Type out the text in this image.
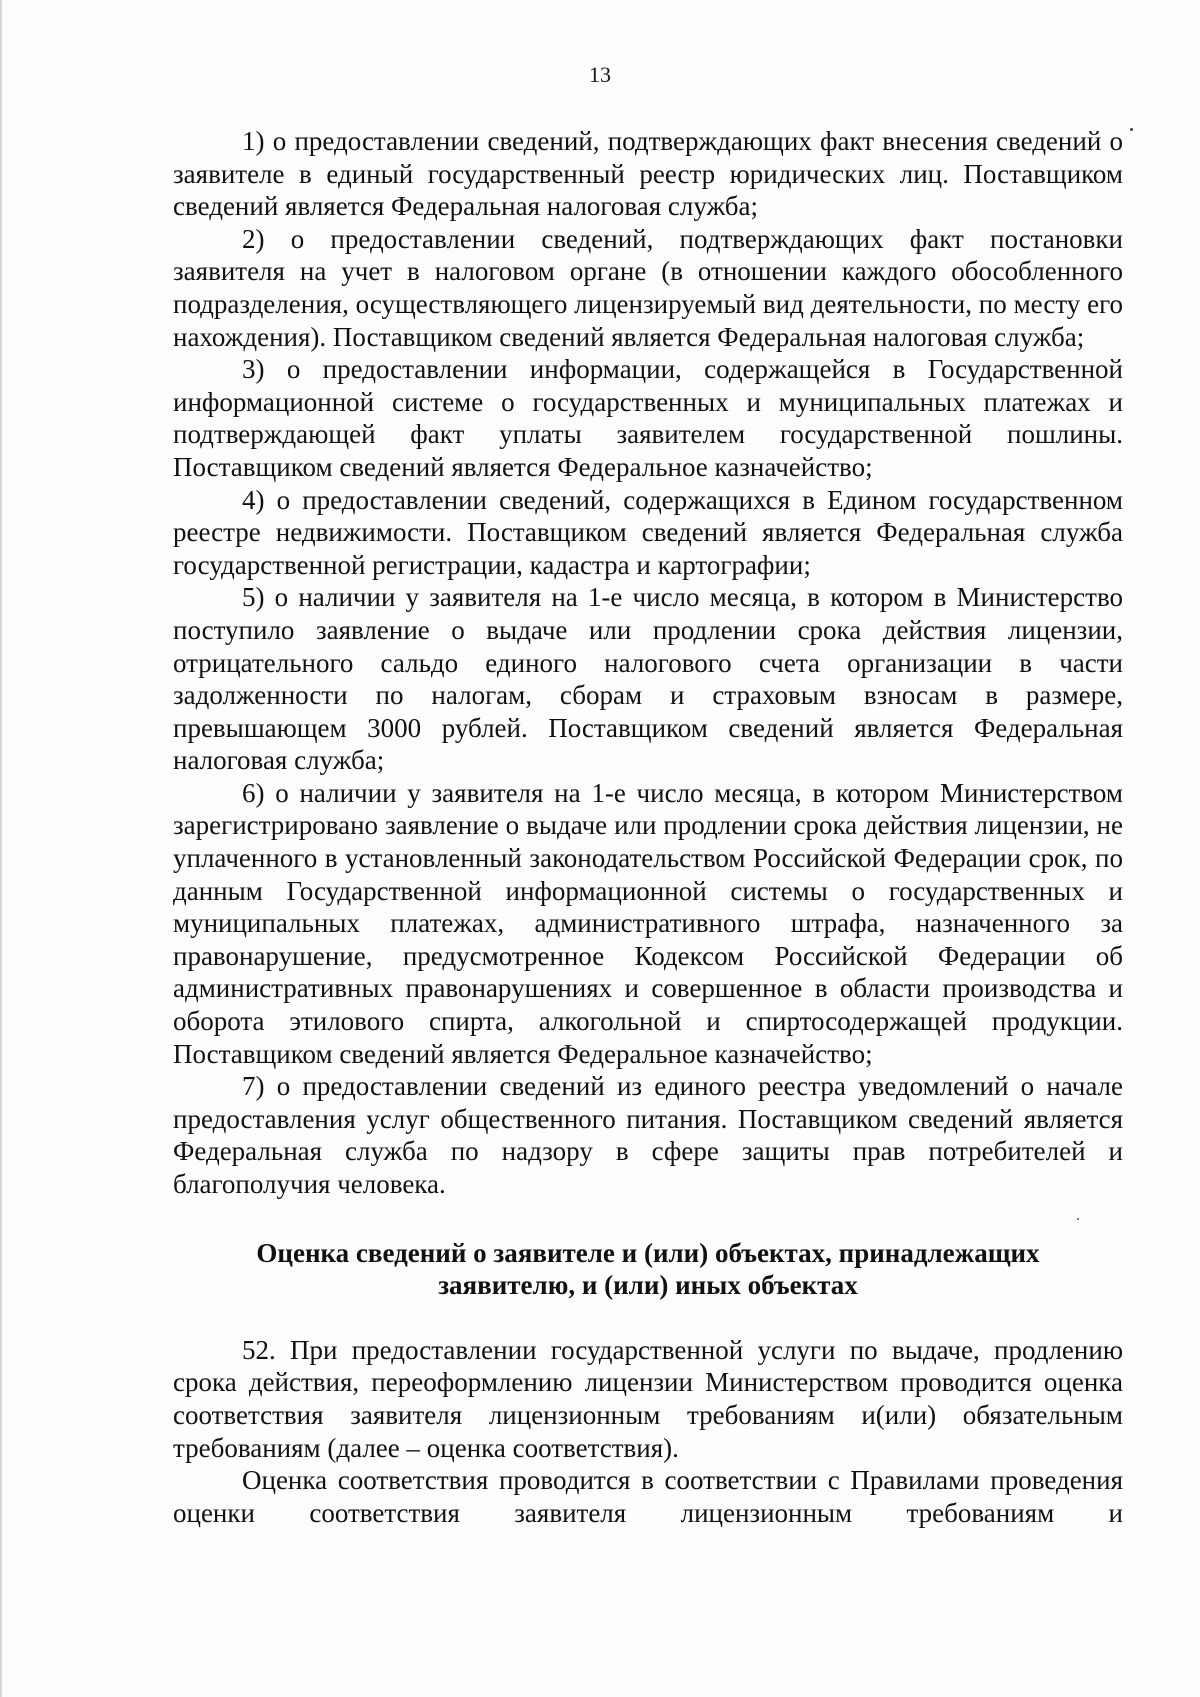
13

1) о предоставлении сведений, подтверждающих факт внесения сведений о заявителе в единый государственный реестр юридических лиц. Поставщиком сведений является Федеральная налоговая служба;

2) о предоставлении сведений, подтверждающих факт постановки заявителя на учет в налоговом органе (в отношении каждого обособленного подразделения, осуществляющего лицензируемый вид деятельности, по месту его нахождения). Поставщиком сведений является Федеральная налоговая служба;

3) о предоставлении информации, содержащейся в Государственной информационной системе о государственных и муниципальных платежах и подтверждающей факт уплаты заявителем государственной пошлины. Поставщиком сведений является Федеральное казначейство;

4) о предоставлении сведений, содержащихся в Едином государственном реестре недвижимости. Поставщиком сведений является Федеральная служба государственной регистрации, кадастра и картографии;

5) о наличии у заявителя на 1-е число месяца, в котором в Министерство поступило заявление о выдаче или продлении срока действия лицензии, отрицательного сальдо единого налогового счета организации в части задолженности по налогам, сборам и страховым взносам в размере, превышающем 3000 рублей. Поставщиком сведений является Федеральная налоговая служба;

6) о наличии у заявителя на 1-е число месяца, в котором Министерством зарегистрировано заявление о выдаче или продлении срока действия лицензии, не уплаченного в установленный законодательством Российской Федерации срок, по данным Государственной информационной системы о государственных и муниципальных платежах, административного штрафа, назначенного за правонарушение, предусмотренное Кодексом Российской Федерации об административных правонарушениях и совершенное в области производства и оборота этилового спирта, алкогольной и спиртосодержащей продукции. Поставщиком сведений является Федеральное казначейство;

7) о предоставлении сведений из единого реестра уведомлений о начале предоставления услуг общественного питания. Поставщиком сведений является Федеральная служба по надзору в сфере защиты прав потребителей и благополучия человека.

Оценка сведений о заявителе и (или) объектах, принадлежащих
заявителю, и (или) иных объектах

52. При предоставлении государственной услуги по выдаче, продлению срока действия, переоформлению лицензии Министерством проводится оценка соответствия заявителя лицензионным требованиям и(или) обязательным требованиям (далее – оценка соответствия).

Оценка соответствия проводится в соответствии с Правилами проведения оценки соответствия заявителя лицензионным требованиям и
